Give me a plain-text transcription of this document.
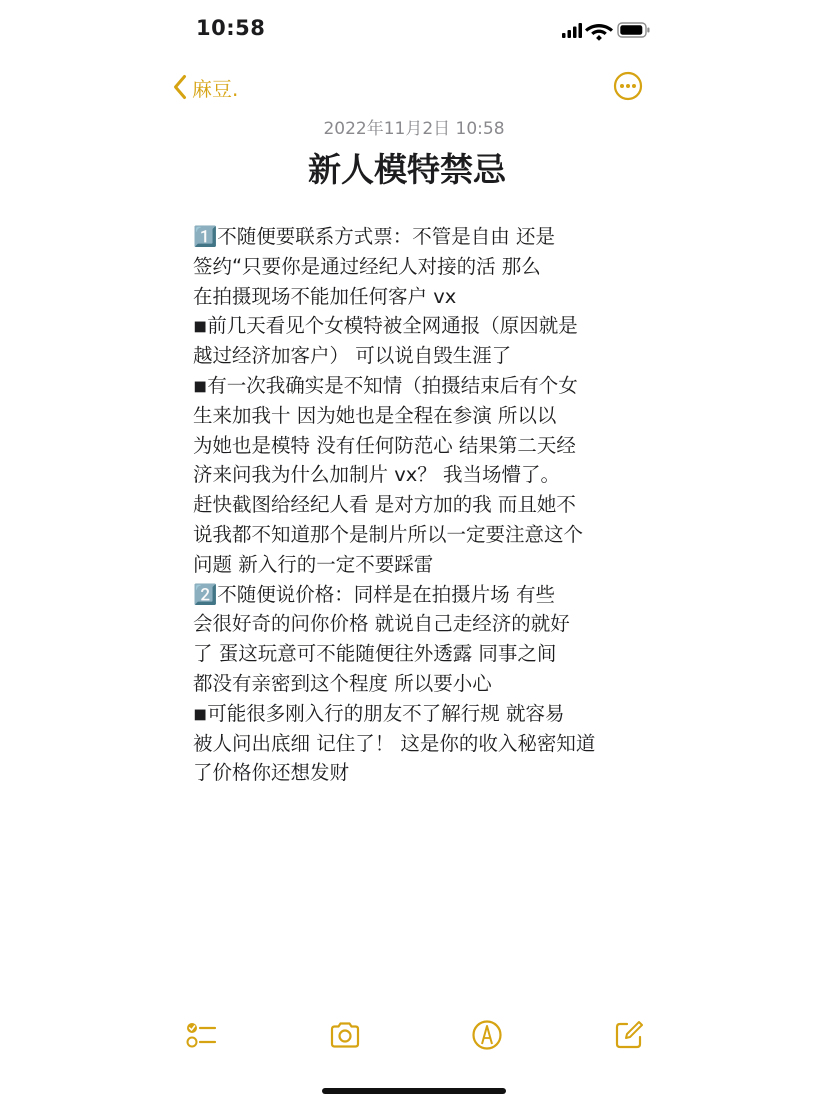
10:58
麻豆.
2022年11月2日 10:58
新人模特禁忌
1️⃣不随便要联系方式票：不管是自由 还是
签约“只要你是通过经纪人对接的活 那么
在拍摄现场不能加任何客户 vx
◾前几天看见个女模特被全网通报（原因就是
越过经济加客户） 可以说自毁生涯了
◾有一次我确实是不知情（拍摄结束后有个女
生来加我十 因为她也是全程在参演 所以以
为她也是模特 没有任何防范心 结果第二天经
济来问我为什么加制片 vx？ 我当场懵了。
赶快截图给经纪人看 是对方加的我 而且她不
说我都不知道那个是制片所以一定要注意这个
问题 新入行的一定不要踩雷
2️⃣不随便说价格：同样是在拍摄片场 有些
会很好奇的问你价格 就说自己走经济的就好
了 蛋这玩意可不能随便往外透露 同事之间
都没有亲密到这个程度 所以要小心
◾可能很多刚入行的朋友不了解行规 就容易
被人问出底细 记住了！ 这是你的收入秘密知道
了价格你还想发财
